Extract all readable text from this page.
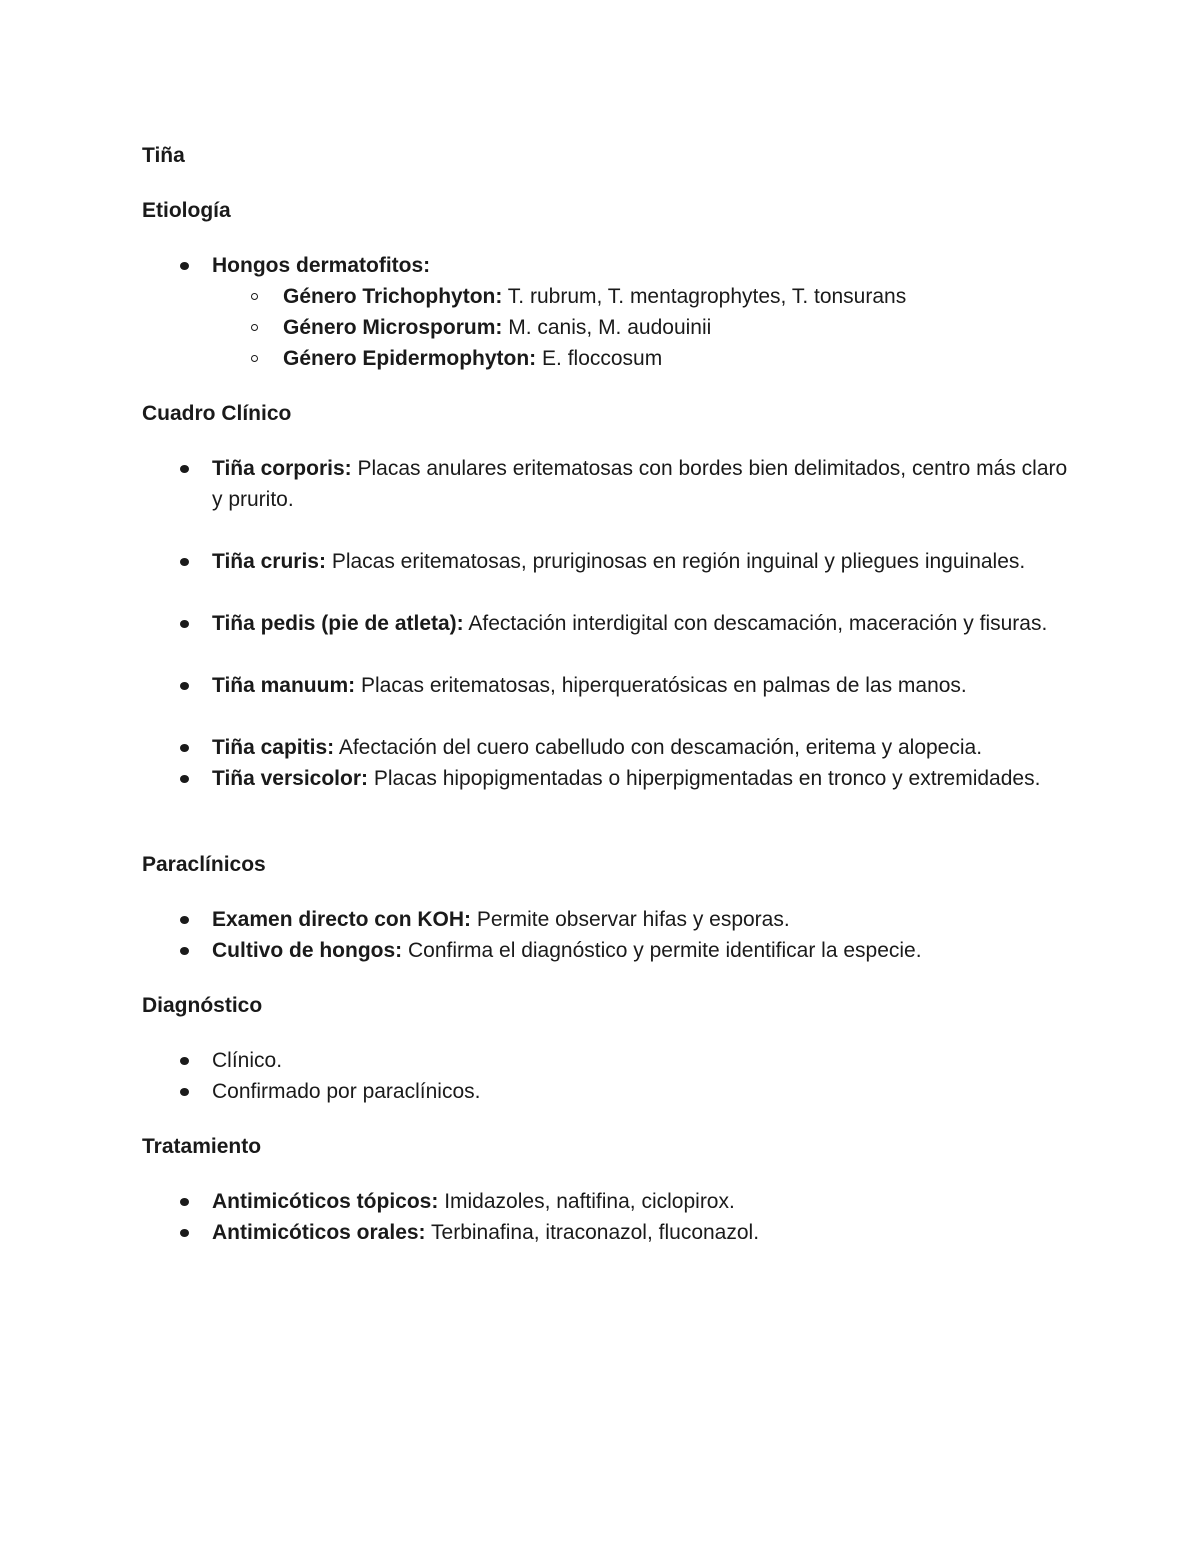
Tiña

Etiología

Hongos dermatofitos:
Género Trichophyton: T. rubrum, T. mentagrophytes, T. tonsurans
Género Microsporum: M. canis, M. audouinii
Género Epidermophyton: E. floccosum

Cuadro Clínico

Tiña corporis: Placas anulares eritematosas con bordes bien delimitados, centro más claro y prurito.
Tiña cruris: Placas eritematosas, pruriginosas en región inguinal y pliegues inguinales.
Tiña pedis (pie de atleta): Afectación interdigital con descamación, maceración y fisuras.
Tiña manuum: Placas eritematosas, hiperqueratósicas en palmas de las manos.
Tiña capitis: Afectación del cuero cabelludo con descamación, eritema y alopecia.
Tiña versicolor: Placas hipopigmentadas o hiperpigmentadas en tronco y extremidades.

Paraclínicos

Examen directo con KOH: Permite observar hifas y esporas.
Cultivo de hongos: Confirma el diagnóstico y permite identificar la especie.

Diagnóstico

Clínico.
Confirmado por paraclínicos.

Tratamiento

Antimicóticos tópicos: Imidazoles, naftifina, ciclopirox.
Antimicóticos orales: Terbinafina, itraconazol, fluconazol.
